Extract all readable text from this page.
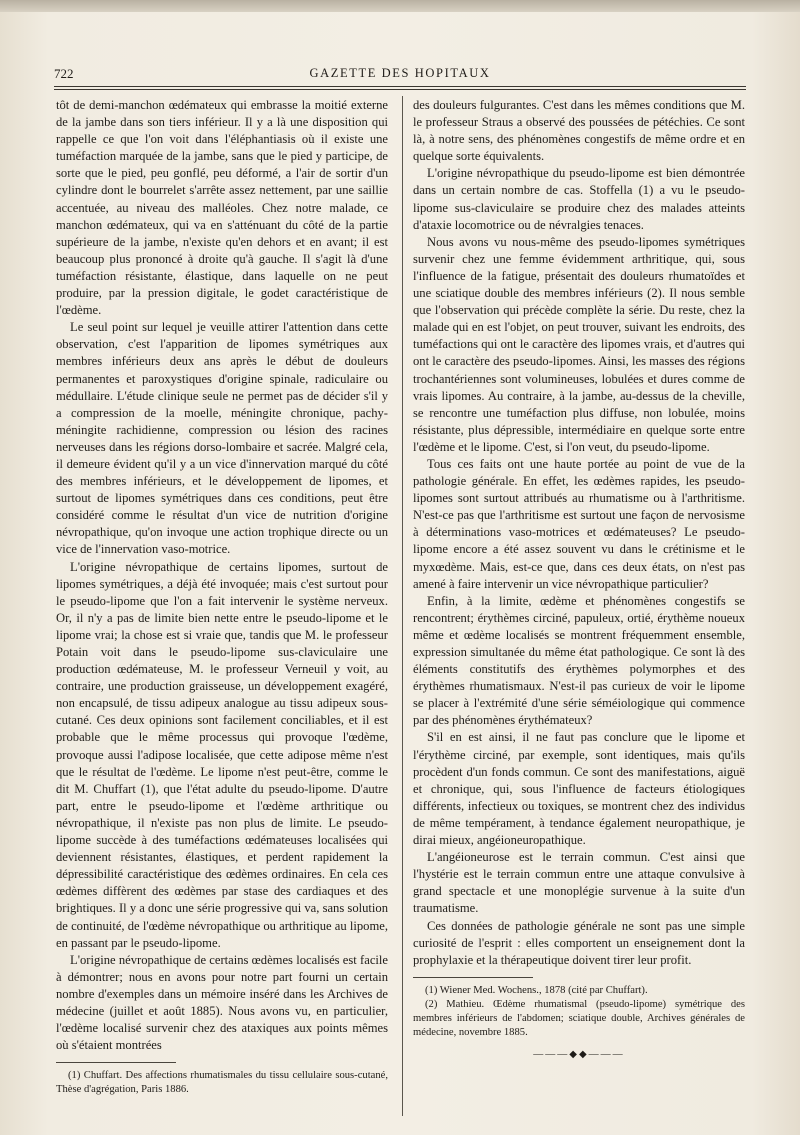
722	GAZETTE DES HOPITAUX

tôt de demi-manchon œdémateux qui embrasse la moitié externe de la jambe dans son tiers inférieur. Il y a là une disposition qui rappelle ce que l'on voit dans l'éléphantiasis où il existe une tuméfaction marquée de la jambe, sans que le pied y participe, de sorte que le pied, peu gonflé, peu déformé, a l'air de sortir d'un cylindre dont le bourrelet s'arrête assez nettement, par une saillie accentuée, au niveau des malléoles. Chez notre malade, ce manchon œdémateux, qui va en s'atténuant du côté de la partie supérieure de la jambe, n'existe qu'en dehors et en avant; il est beaucoup plus prononcé à droite qu'à gauche. Il s'agit là d'une tuméfaction résistante, élastique, dans laquelle on ne peut produire, par la pression digitale, le godet caractéristique de l'œdème.

Le seul point sur lequel je veuille attirer l'attention dans cette observation, c'est l'apparition de lipomes symétriques aux membres inférieurs deux ans après le début de douleurs permanentes et paroxystiques d'origine spinale, radiculaire ou médullaire. L'étude clinique seule ne permet pas de décider s'il y a compression de la moelle, méningite chronique, pachy-méningite rachidienne, compression ou lésion des racines nerveuses dans les régions dorso-lombaire et sacrée. Malgré cela, il demeure évident qu'il y a un vice d'innervation marqué du côté des membres inférieurs, et le développement de lipomes, et surtout de lipomes symétriques dans ces conditions, peut être considéré comme le résultat d'un vice de nutrition d'origine névropathique, qu'on invoque une action trophique directe ou un vice de l'innervation vaso-motrice.

L'origine névropathique de certains lipomes, surtout de lipomes symétriques, a déjà été invoquée; mais c'est surtout pour le pseudo-lipome que l'on a fait intervenir le système nerveux. Or, il n'y a pas de limite bien nette entre le pseudo-lipome et le lipome vrai; la chose est si vraie que, tandis que M. le professeur Potain voit dans le pseudo-lipome sus-claviculaire une production œdémateuse, M. le professeur Verneuil y voit, au contraire, une production graisseuse, un développement exagéré, non encapsulé, de tissu adipeux analogue au tissu adipeux sous-cutané. Ces deux opinions sont facilement conciliables, et il est probable que le même processus qui provoque l'œdème, provoque aussi l'adipose localisée, que cette adipose même n'est que le résultat de l'œdème. Le lipome n'est peut-être, comme le dit M. Chuffart (1), que l'état adulte du pseudo-lipome. D'autre part, entre le pseudo-lipome et l'œdème arthritique ou névropathique, il n'existe pas non plus de limite. Le pseudo-lipome succède à des tuméfactions œdémateuses localisées qui deviennent résistantes, élastiques, et perdent rapidement la dépressibilité caractéristique des œdèmes ordinaires. En cela ces œdèmes diffèrent des œdèmes par stase des cardiaques et des brightiques. Il y a donc une série progressive qui va, sans solution de continuité, de l'œdème névropathique ou arthritique au lipome, en passant par le pseudo-lipome.

L'origine névropathique de certains œdèmes localisés est facile à démontrer; nous en avons pour notre part fourni un certain nombre d'exemples dans un mémoire inséré dans les Archives de médecine (juillet et août 1885). Nous avons vu, en particulier, l'œdème localisé survenir chez des ataxiques aux points mêmes où s'étaient montrées

(1) Chuffart. Des affections rhumatismales du tissu cellulaire sous-cutané, Thèse d'agrégation, Paris 1886.

des douleurs fulgurantes. C'est dans les mêmes conditions que M. le professeur Straus a observé des poussées de pétéchies. Ce sont là, à notre sens, des phénomènes congestifs de même ordre et en quelque sorte équivalents.

L'origine névropathique du pseudo-lipome est bien démontrée dans un certain nombre de cas. Stoffella (1) a vu le pseudo-lipome sus-claviculaire se produire chez des malades atteints d'ataxie locomotrice ou de névralgies tenaces.

Nous avons vu nous-même des pseudo-lipomes symétriques survenir chez une femme évidemment arthritique, qui, sous l'influence de la fatigue, présentait des douleurs rhumatoïdes et une sciatique double des membres inférieurs (2). Il nous semble que l'observation qui précède complète la série. Du reste, chez la malade qui en est l'objet, on peut trouver, suivant les endroits, des tuméfactions qui ont le caractère des lipomes vrais, et d'autres qui ont le caractère des pseudo-lipomes. Ainsi, les masses des régions trochantériennes sont volumineuses, lobulées et dures comme de vrais lipomes. Au contraire, à la jambe, au-dessus de la cheville, se rencontre une tuméfaction plus diffuse, non lobulée, moins résistante, plus dépressible, intermédiaire en quelque sorte entre l'œdème et le lipome. C'est, si l'on veut, du pseudo-lipome.

Tous ces faits ont une haute portée au point de vue de la pathologie générale. En effet, les œdèmes rapides, les pseudo-lipomes sont surtout attribués au rhumatisme ou à l'arthritisme. N'est-ce pas que l'arthritisme est surtout une façon de nervosisme à déterminations vaso-motrices et œdémateuses? Le pseudo-lipome encore a été assez souvent vu dans le crétinisme et le myxœdème. Mais, est-ce que, dans ces deux états, on n'est pas amené à faire intervenir un vice névropathique particulier?

Enfin, à la limite, œdème et phénomènes congestifs se rencontrent; érythèmes circiné, papuleux, ortié, érythème noueux même et œdème localisés se montrent fréquemment ensemble, expression simultanée du même état pathologique. Ce sont là des éléments constitutifs des érythèmes polymorphes et des érythèmes rhumatismaux. N'est-il pas curieux de voir le lipome se placer à l'extrémité d'une série séméiologique qui commence par des phénomènes érythémateux?

S'il en est ainsi, il ne faut pas conclure que le lipome et l'érythème circiné, par exemple, sont identiques, mais qu'ils procèdent d'un fonds commun. Ce sont des manifestations, aiguë et chronique, qui, sous l'influence de facteurs étiologiques différents, infectieux ou toxiques, se montrent chez des individus de même tempérament, à tendance également neuropathique, je dirai mieux, angéioneuropathique.

L'angéioneurose est le terrain commun. C'est ainsi que l'hystérie est le terrain commun entre une attaque convulsive à grand spectacle et une monoplégie survenue à la suite d'un traumatisme.

Ces données de pathologie générale ne sont pas une simple curiosité de l'esprit : elles comportent un enseignement dont la prophylaxie et la thérapeutique doivent tirer leur profit.

(1) Wiener Med. Wochens., 1878 (cité par Chuffart).

(2) Mathieu. Œdème rhumatismal (pseudo-lipome) symétrique des membres inférieurs de l'abdomen; sciatique double, Archives générales de médecine, novembre 1885.

———◆◆———
